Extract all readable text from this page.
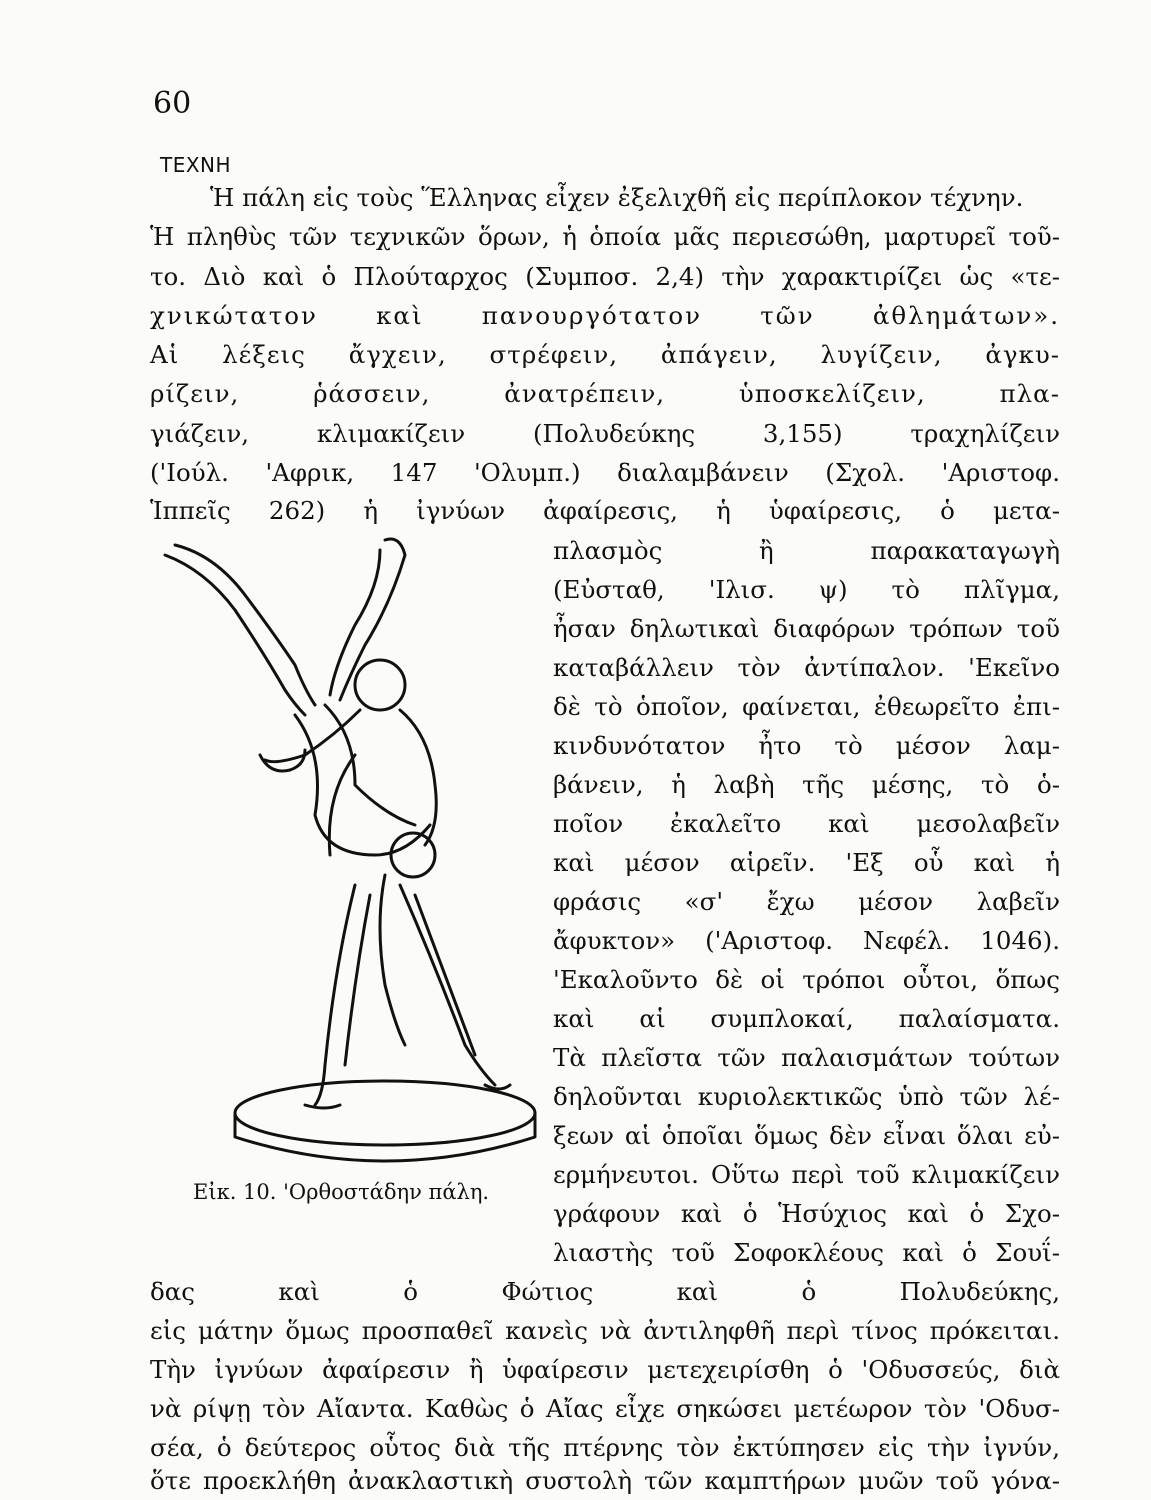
60
ΤΕΧΝΗ
Ἡ πάλη εἰς τοὺς Ἕλληνας εἶχεν ἐξελιχθῆ εἰς περίπλοκον τέχνην.
Ἡ πληθὺς τῶν τεχνικῶν ὅρων, ἡ ὁποία μᾶς περιεσώθη, μαρτυρεῖ τοῦ-
το. Διὸ καὶ ὁ Πλούταρχος (Συμποσ. 2,4) τὴν χαρακτιρίζει ὡς «τε-
χνικώτατον καὶ πανουργότατον τῶν ἀθλημάτων».
Αἱ λέξεις ἄγχειν, στρέφειν, ἀπάγειν, λυγίζειν, ἀγκυ-
ρίζειν, ῥάσσειν, ἀνατρέπειν, ὑποσκελίζειν, πλα-
γιάζειν, κλιμακίζειν (Πολυδεύκης 3,155) τραχηλίζειν
('Ιούλ. 'Αφρικ, 147 'Ολυμπ.) διαλαμβάνειν (Σχολ. 'Αριστοφ.
Ἱππεῖς 262) ἡ ἰγνύων ἀφαίρεσις, ἡ ὑφαίρεσις, ὁ μετα-
πλασμὸς ἢ παρακαταγωγὴ
(Εὐσταθ, 'Ιλισ. ψ) τὸ πλῖγμα,
ἦσαν δηλωτικαὶ διαφόρων τρόπων τοῦ
καταβάλλειν τὸν ἀντίπαλον. 'Εκεῖνο
δὲ τὸ ὁποῖον, φαίνεται, ἐθεωρεῖτο ἐπι-
κινδυνότατον ἦτο τὸ μέσον λαμ-
βάνειν, ἡ λαβὴ τῆς μέσης, τὸ ὁ-
ποῖον ἐκαλεῖτο καὶ μεσολαβεῖν
καὶ μέσον αἱρεῖν. 'Εξ οὗ καὶ ἡ
φράσις «σ' ἔχω μέσον λαβεῖν
ἄφυκτον» ('Αριστοφ. Νεφέλ. 1046).
'Εκαλοῦντο δὲ οἱ τρόποι οὗτοι, ὅπως
καὶ αἱ συμπλοκαί, παλαίσματα.
Τὰ πλεῖστα τῶν παλαισμάτων τούτων
δηλοῦνται κυριολεκτικῶς ὑπὸ τῶν λέ-
ξεων αἱ ὁποῖαι ὅμως δὲν εἶναι ὅλαι εὐ-
ερμήνευτοι. Οὕτω περὶ τοῦ κλιμακίζειν
γράφουν καὶ ὁ Ἡσύχιος καὶ ὁ Σχο-
Εἰκ. 10. 'Ορθοστάδην πάλη.
λιαστὴς τοῦ Σοφοκλέους καὶ ὁ Σουΐ-
δας καὶ ὁ Φώτιος καὶ ὁ Πολυδεύκης,
εἰς μάτην ὅμως προσπαθεῖ κανεὶς νὰ ἀντιληφθῆ περὶ τίνος πρόκειται.
Τὴν ἰγνύων ἀφαίρεσιν ἢ ὑφαίρεσιν μετεχειρίσθη ὁ 'Οδυσσεύς, διὰ
νὰ ρίψῃ τὸν Αἴαντα. Καθὼς ὁ Αἴας εἶχε σηκώσει μετέωρον τὸν 'Οδυσ-
σέα, ὁ δεύτερος οὗτος διὰ τῆς πτέρνης τὸν ἐκτύπησεν εἰς τὴν ἰγνύν,
ὅτε προεκλήθη ἀνακλαστικὴ συστολὴ τῶν καμπτήρων μυῶν τοῦ γόνα-
